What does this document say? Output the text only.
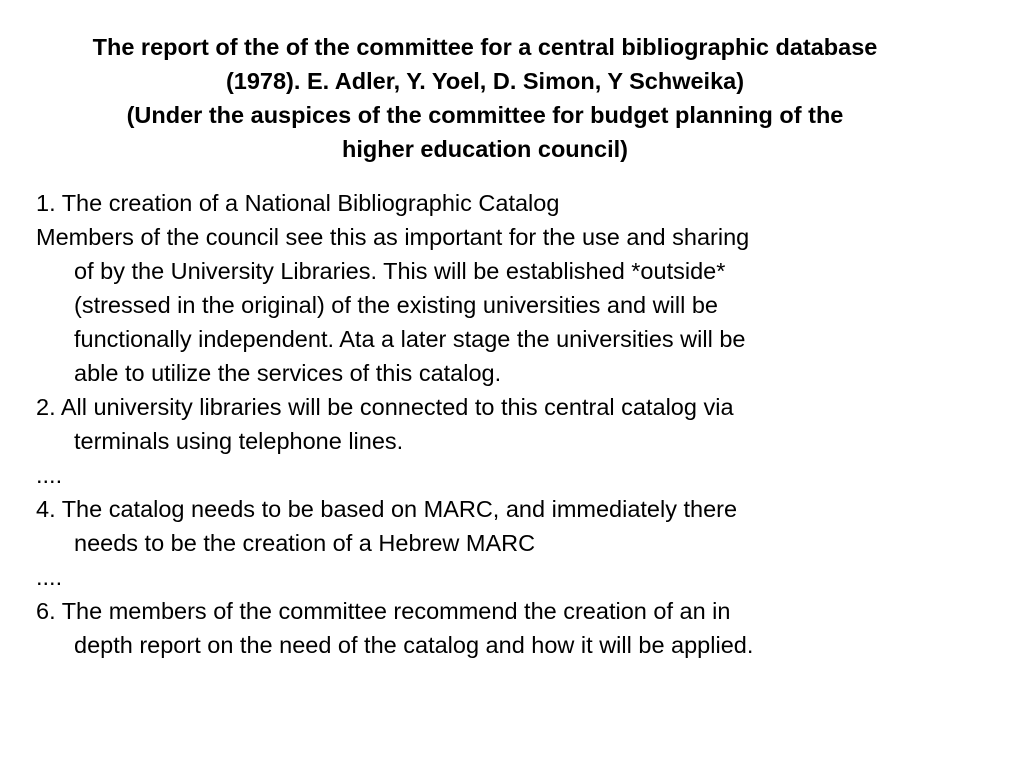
The report of the of the committee for a central bibliographic database
(1978). E. Adler, Y. Yoel, D. Simon, Y Schweika)
(Under the auspices of the committee for budget planning of the
higher education council)
1. The creation of a National Bibliographic Catalog
Members of the council see this as important for the use and sharing
of by the University Libraries. This will be established *outside*
(stressed in the original) of the existing universities and will be
functionally independent. Ata a later stage the universities will be
able to utilize the services of this catalog.
2. All university libraries will be connected to this central catalog via
terminals using telephone lines.
....
4. The catalog needs to be based on MARC, and immediately there
needs to be the creation of a Hebrew MARC
....
6. The members of the committee recommend the creation of an in
depth report on the need of the catalog and how it will be applied.
